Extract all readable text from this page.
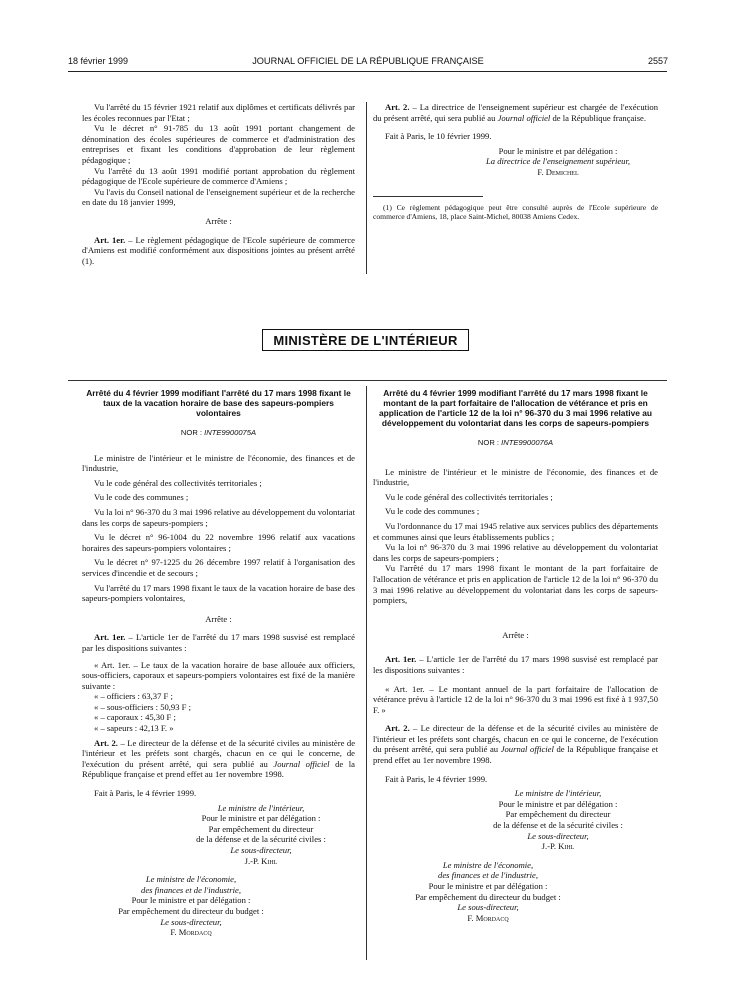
18 février 1999	JOURNAL OFFICIEL DE LA RÉPUBLIQUE FRANÇAISE	2557

Vu l'arrêté du 15 février 1921 relatif aux diplômes et certificats délivrés par les écoles reconnues par l'Etat ;

Vu le décret n° 91-785 du 13 août 1991 portant changement de dénomination des écoles supérieures de commerce et d'administration des entreprises et fixant les conditions d'approbation de leur règlement pédagogique ;

Vu l'arrêté du 13 août 1991 modifié portant approbation du règlement pédagogique de l'Ecole supérieure de commerce d'Amiens ;

Vu l'avis du Conseil national de l'enseignement supérieur et de la recherche en date du 18 janvier 1999,

Arrête :

Art. 1er. – Le règlement pédagogique de l'Ecole supérieure de commerce d'Amiens est modifié conformément aux dispositions jointes au présent arrêté (1).

Art. 2. – La directrice de l'enseignement supérieur est chargée de l'exécution du présent arrêté, qui sera publié au Journal officiel de la République française.

Fait à Paris, le 10 février 1999.

Pour le ministre et par délégation :
La directrice de l'enseignement supérieur,
F. Demichel

(1) Ce règlement pédagogique peut être consulté auprès de l'Ecole supérieure de commerce d'Amiens, 18, place Saint-Michel, 80038 Amiens Cedex.

MINISTÈRE DE L'INTÉRIEUR
Arrêté du 4 février 1999 modifiant l'arrêté du 17 mars 1998 fixant le taux de la vacation horaire de base des sapeurs-pompiers volontaires
NOR : INTE9900075A

Le ministre de l'intérieur et le ministre de l'économie, des finances et de l'industrie,

Vu le code général des collectivités territoriales ;

Vu le code des communes ;

Vu la loi n° 96-370 du 3 mai 1996 relative au développement du volontariat dans les corps de sapeurs-pompiers ;

Vu le décret n° 96-1004 du 22 novembre 1996 relatif aux vacations horaires des sapeurs-pompiers volontaires ;

Vu le décret n° 97-1225 du 26 décembre 1997 relatif à l'organisation des services d'incendie et de secours ;

Vu l'arrêté du 17 mars 1998 fixant le taux de la vacation horaire de base des sapeurs-pompiers volontaires,

Arrête :

Art. 1er. – L'article 1er de l'arrêté du 17 mars 1998 susvisé est remplacé par les dispositions suivantes :

« Art. 1er. – Le taux de la vacation horaire de base allouée aux officiers, sous-officiers, caporaux et sapeurs-pompiers volontaires est fixé de la manière suivante :

« – officiers : 63,37 F ;

« – sous-officiers : 50,93 F ;

« – caporaux : 45,30 F ;

« – sapeurs : 42,13 F. »

Art. 2. – Le directeur de la défense et de la sécurité civiles au ministère de l'intérieur et les préfets sont chargés, chacun en ce qui le concerne, de l'exécution du présent arrêté, qui sera publié au Journal officiel de la République française et prend effet au 1er novembre 1998.

Fait à Paris, le 4 février 1999.

Le ministre de l'intérieur,
Pour le ministre et par délégation :
Par empêchement du directeur
de la défense et de la sécurité civiles :
Le sous-directeur,
J.-P. Kihl
Le ministre de l'économie,
des finances et de l'industrie,
Pour le ministre et par délégation :
Par empêchement du directeur du budget :
Le sous-directeur,
F. Mordacq
Arrêté du 4 février 1999 modifiant l'arrêté du 17 mars 1998 fixant le montant de la part forfaitaire de l'allocation de vétérance et pris en application de l'article 12 de la loi n° 96-370 du 3 mai 1996 relative au développement du volontariat dans les corps de sapeurs-pompiers
NOR : INTE9900076A

Le ministre de l'intérieur et le ministre de l'économie, des finances et de l'industrie,

Vu le code général des collectivités territoriales ;

Vu le code des communes ;

Vu l'ordonnance du 17 mai 1945 relative aux services publics des départements et communes ainsi que leurs établissements publics ;

Vu la loi n° 96-370 du 3 mai 1996 relative au développement du volontariat dans les corps de sapeurs-pompiers ;

Vu l'arrêté du 17 mars 1998 fixant le montant de la part forfaitaire de l'allocation de vétérance et pris en application de l'article 12 de la loi n° 96-370 du 3 mai 1996 relative au développement du volontariat dans les corps de sapeurs-pompiers,

Arrête :

Art. 1er. – L'article 1er de l'arrêté du 17 mars 1998 susvisé est remplacé par les dispositions suivantes :

« Art. 1er. – Le montant annuel de la part forfaitaire de l'allocation de vétérance prévu à l'article 12 de la loi n° 96-370 du 3 mai 1996 est fixé à 1 937,50 F. »

Art. 2. – Le directeur de la défense et de la sécurité civiles au ministère de l'intérieur et les préfets sont chargés, chacun en ce qui le concerne, de l'exécution du présent arrêté, qui sera publié au Journal officiel de la République française et prend effet au 1er novembre 1998.

Fait à Paris, le 4 février 1999.

Le ministre de l'intérieur,
Pour le ministre et par délégation :
Par empêchement du directeur
de la défense et de la sécurité civiles :
Le sous-directeur,
J.-P. Kihl
Le ministre de l'économie,
des finances et de l'industrie,
Pour le ministre et par délégation :
Par empêchement du directeur du budget :
Le sous-directeur,
F. Mordacq
